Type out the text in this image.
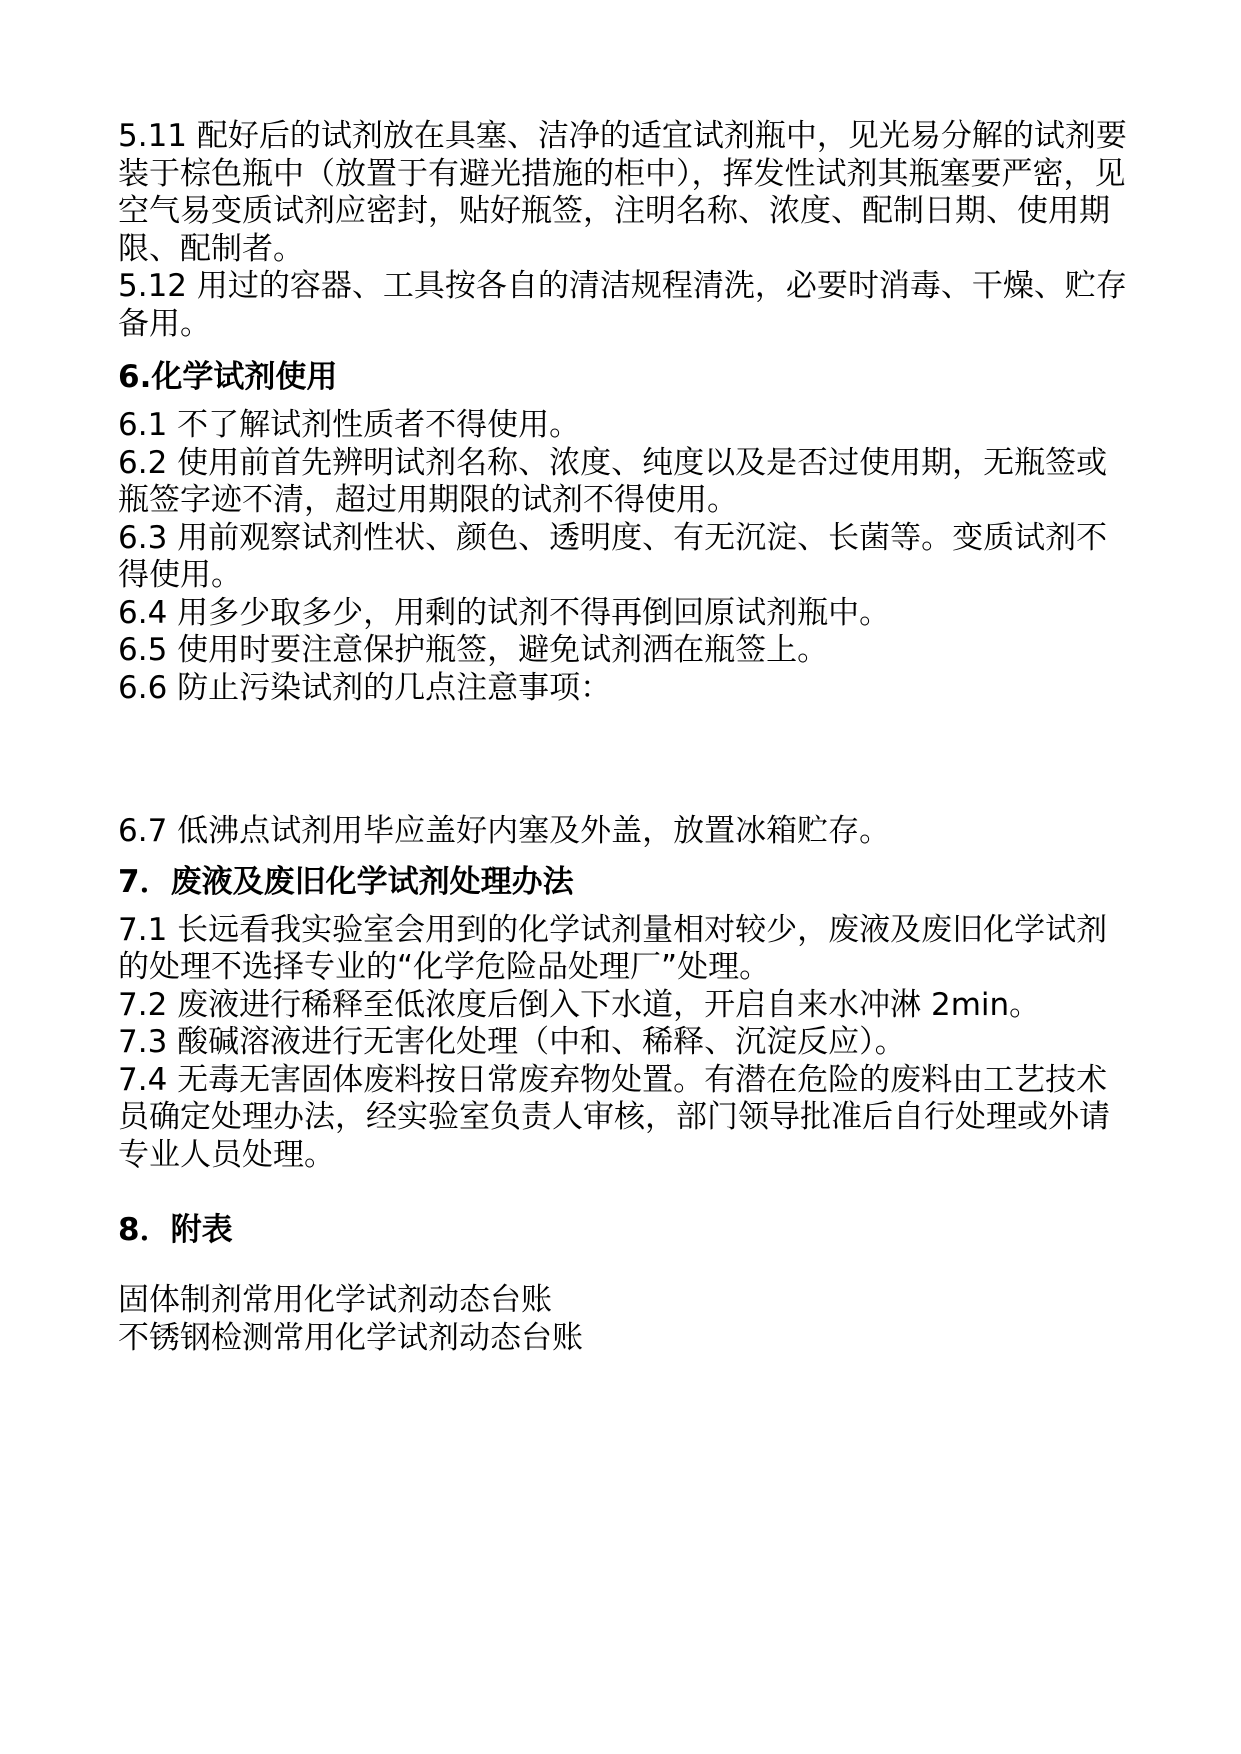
5.11 配好后的试剂放在具塞、洁净的适宜试剂瓶中，见光易分解的试剂要装于棕色瓶中（放置于有避光措施的柜中），挥发性试剂其瓶塞要严密，见空气易变质试剂应密封，贴好瓶签，注明名称、浓度、配制日期、使用期限、配制者。

5.12 用过的容器、工具按各自的清洁规程清洗，必要时消毒、干燥、贮存备用。

6.化学试剂使用

6.1 不了解试剂性质者不得使用。

6.2 使用前首先辨明试剂名称、浓度、纯度以及是否过使用期，无瓶签或瓶签字迹不清，超过用期限的试剂不得使用。

6.3 用前观察试剂性状、颜色、透明度、有无沉淀、长菌等。变质试剂不得使用。

6.4 用多少取多少，用剩的试剂不得再倒回原试剂瓶中。

6.5 使用时要注意保护瓶签，避免试剂洒在瓶签上。

6.6 防止污染试剂的几点注意事项：

6.7 低沸点试剂用毕应盖好内塞及外盖，放置冰箱贮存。

7．废液及废旧化学试剂处理办法

7.1 长远看我实验室会用到的化学试剂量相对较少，废液及废旧化学试剂的处理不选择专业的“化学危险品处理厂”处理。

7.2 废液进行稀释至低浓度后倒入下水道，开启自来水冲淋 2min。

7.3 酸碱溶液进行无害化处理（中和、稀释、沉淀反应）。

7.4 无毒无害固体废料按日常废弃物处置。有潜在危险的废料由工艺技术员确定处理办法，经实验室负责人审核，部门领导批准后自行处理或外请专业人员处理。

8．附表

固体制剂常用化学试剂动态台账

不锈钢检测常用化学试剂动态台账
